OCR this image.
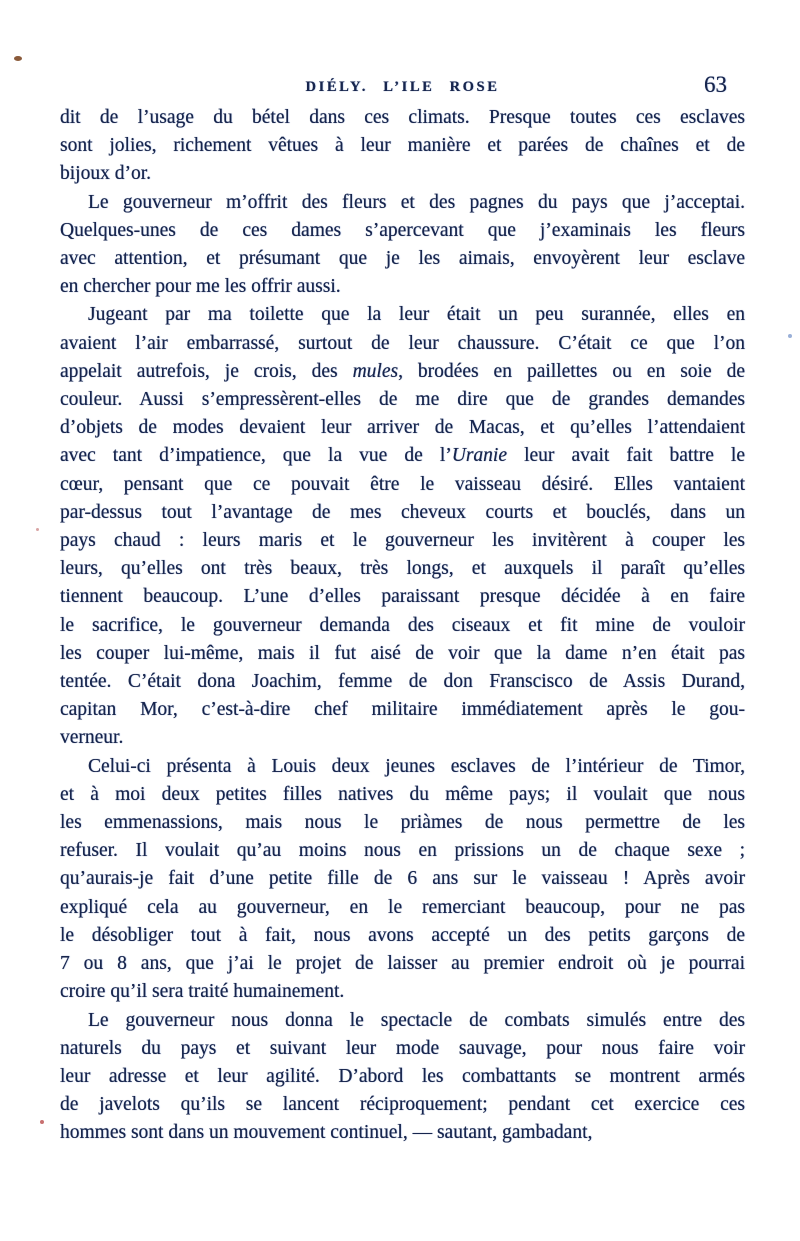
DIÉLY. L’ILE ROSE	63
dit de l’usage du bétel dans ces climats. Presque toutes ces esclaves
sont jolies, richement vêtues à leur manière et parées de chaînes et de
bijoux d’or.
Le gouverneur m’offrit des fleurs et des pagnes du pays que j’acceptai.
Quelques-unes de ces dames s’apercevant que j’examinais les fleurs
avec attention, et présumant que je les aimais, envoyèrent leur esclave
en chercher pour me les offrir aussi.
Jugeant par ma toilette que la leur était un peu surannée, elles en
avaient l’air embarrassé, surtout de leur chaussure. C’était ce que l’on
appelait autrefois, je crois, des mules, brodées en paillettes ou en soie de
couleur. Aussi s’empressèrent-elles de me dire que de grandes demandes
d’objets de modes devaient leur arriver de Macas, et qu’elles l’attendaient
avec tant d’impatience, que la vue de l’Uranie leur avait fait battre le
cœur, pensant que ce pouvait être le vaisseau désiré. Elles vantaient
par-dessus tout l’avantage de mes cheveux courts et bouclés, dans un
pays chaud : leurs maris et le gouverneur les invitèrent à couper les
leurs, qu’elles ont très beaux, très longs, et auxquels il paraît qu’elles
tiennent beaucoup. L’une d’elles paraissant presque décidée à en faire
le sacrifice, le gouverneur demanda des ciseaux et fit mine de vouloir
les couper lui-même, mais il fut aisé de voir que la dame n’en était pas
tentée. C’était dona Joachim, femme de don Franscisco de Assis Durand,
capitan Mor, c’est-à-dire chef militaire immédiatement après le gou-
verneur.
Celui-ci présenta à Louis deux jeunes esclaves de l’intérieur de Timor,
et à moi deux petites filles natives du même pays; il voulait que nous
les emmenassions, mais nous le priàmes de nous permettre de les
refuser. Il voulait qu’au moins nous en prissions un de chaque sexe ;
qu’aurais-je fait d’une petite fille de 6 ans sur le vaisseau ! Après avoir
expliqué cela au gouverneur, en le remerciant beaucoup, pour ne pas
le désobliger tout à fait, nous avons accepté un des petits garçons de
7 ou 8 ans, que j’ai le projet de laisser au premier endroit où je pourrai
croire qu’il sera traité humainement.
Le gouverneur nous donna le spectacle de combats simulés entre des
naturels du pays et suivant leur mode sauvage, pour nous faire voir
leur adresse et leur agilité. D’abord les combattants se montrent armés
de javelots qu’ils se lancent réciproquement; pendant cet exercice ces
hommes sont dans un mouvement continuel, — sautant, gambadant,
